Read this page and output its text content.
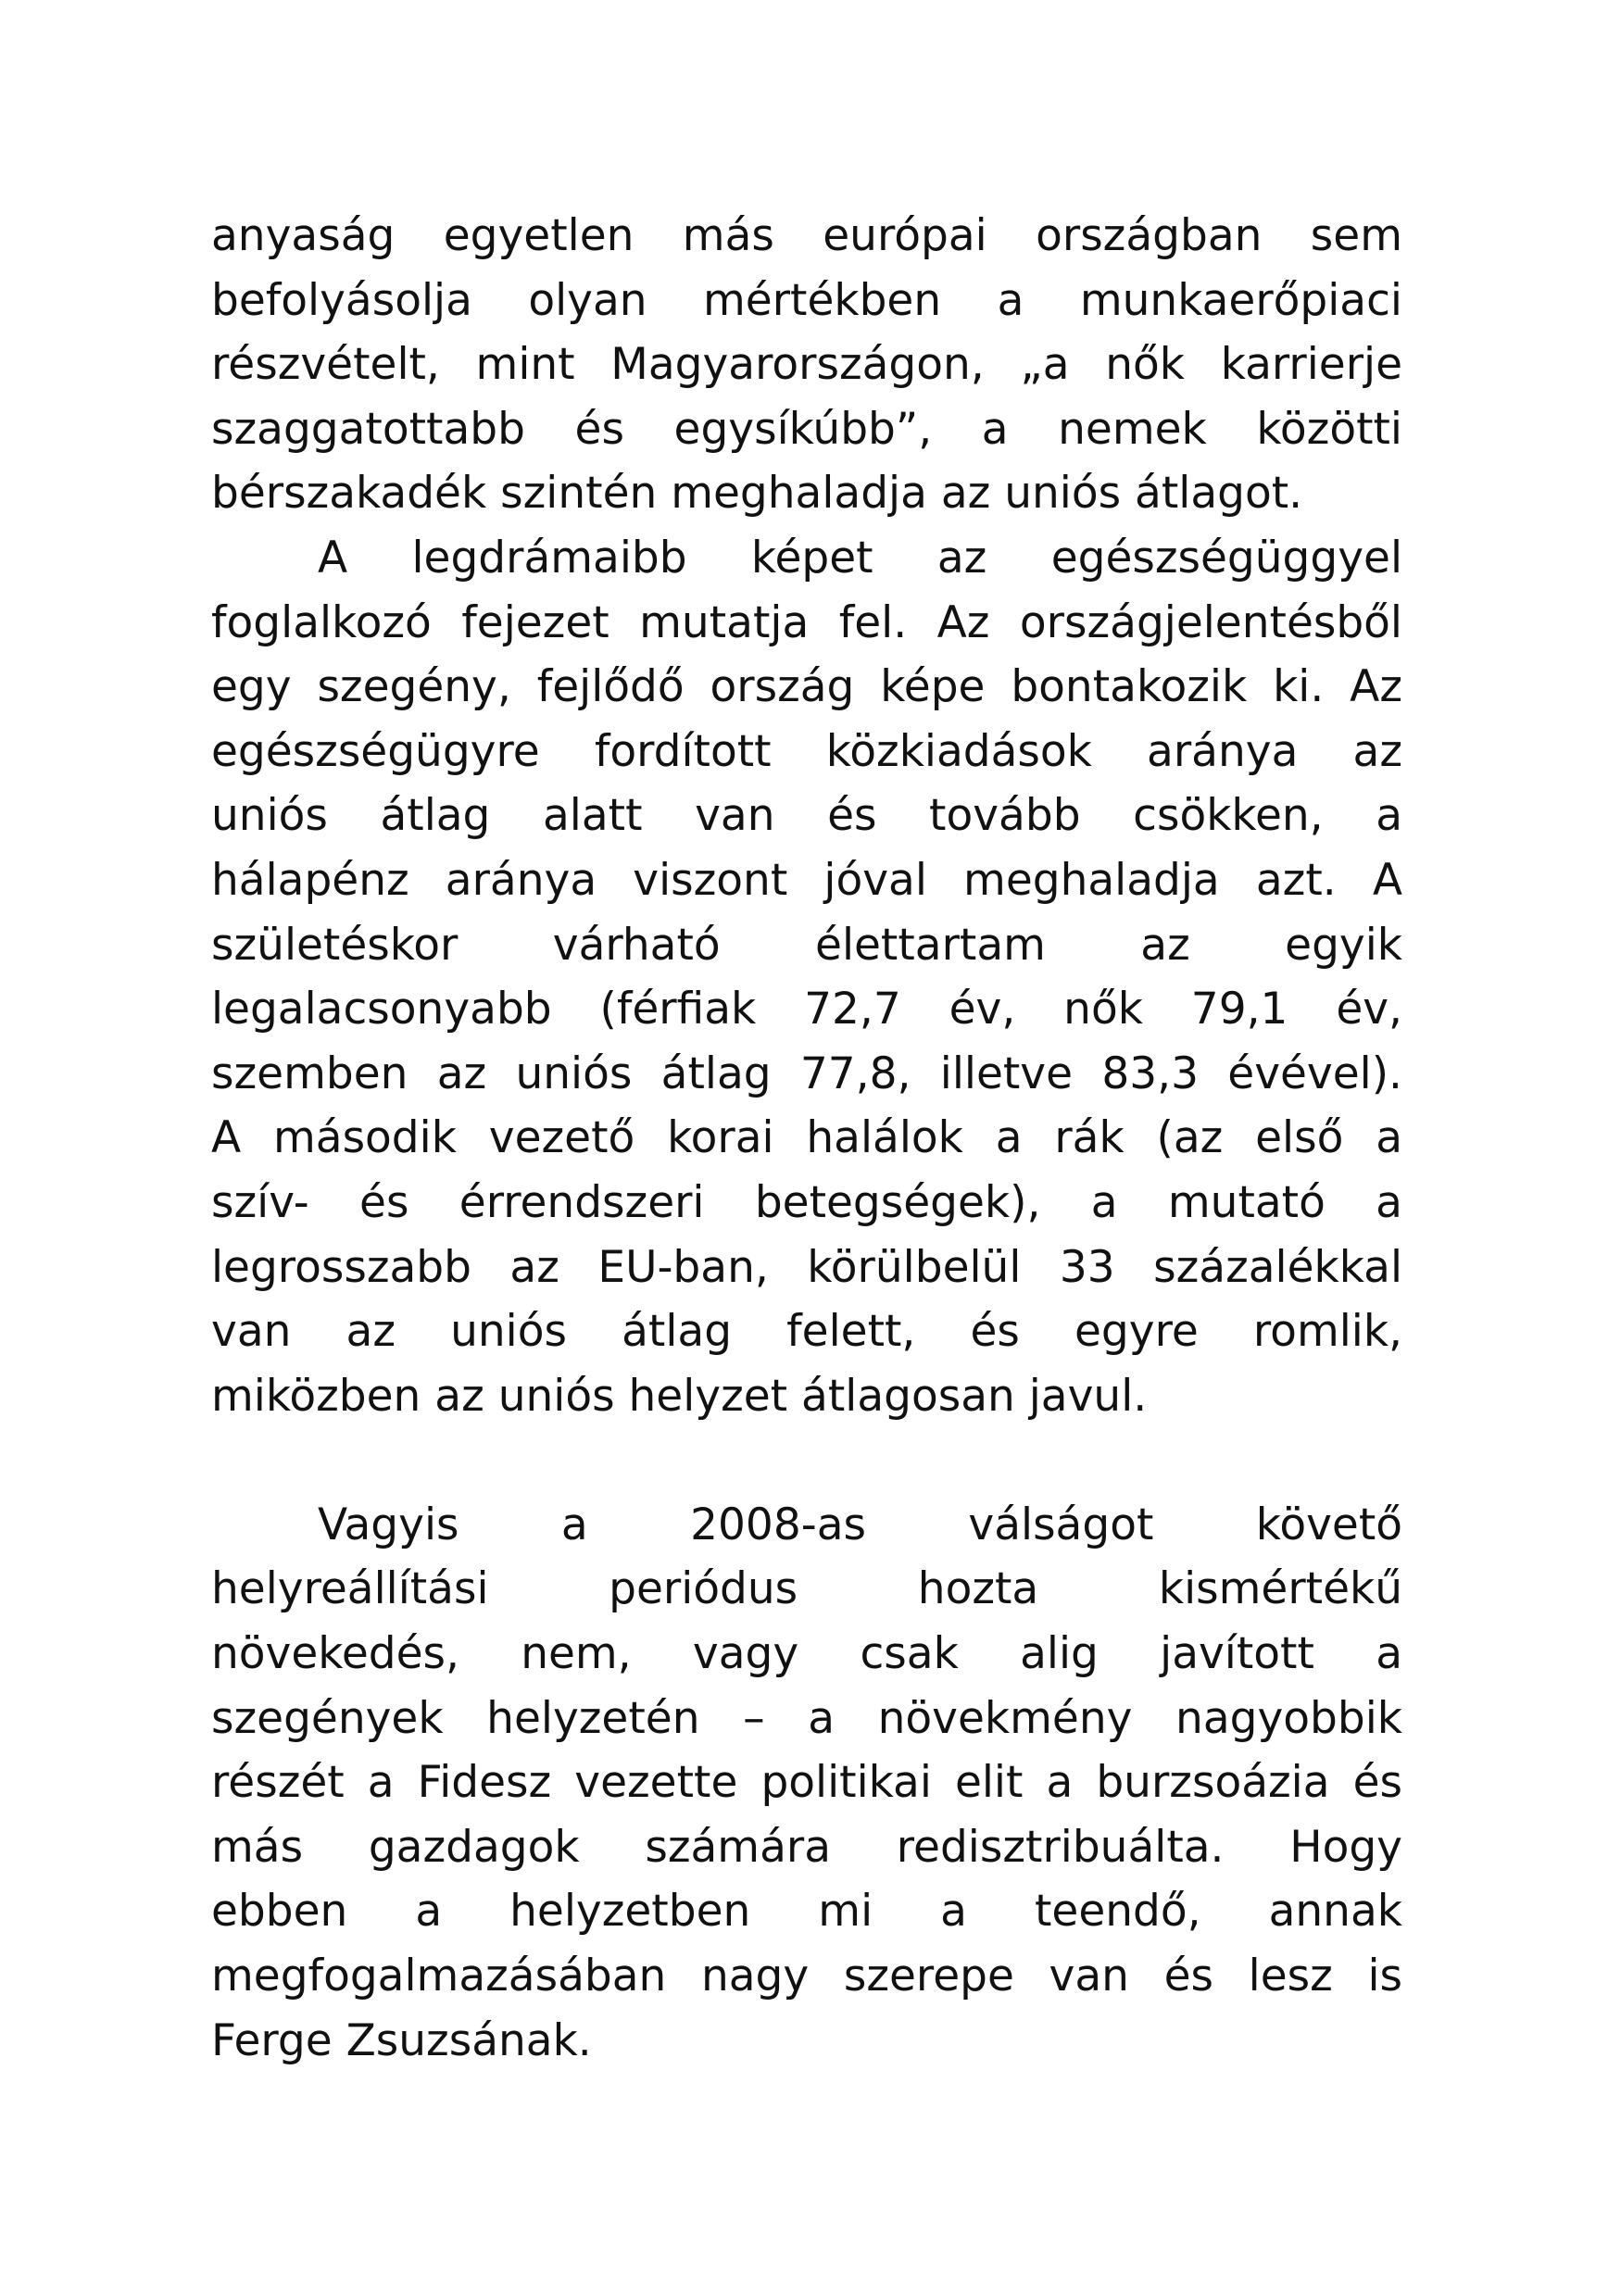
anyaság egyetlen más európai országban sem
befolyásolja olyan mértékben a munkaerőpiaci
részvételt, mint Magyarországon, „a nők karrierje
szaggatottabb és egysíkúbb”, a nemek közötti
bérszakadék szintén meghaladja az uniós átlagot.
A legdrámaibb képet az egészségüggyel
foglalkozó fejezet mutatja fel. Az országjelentésből
egy szegény, fejlődő ország képe bontakozik ki. Az
egészségügyre fordított közkiadások aránya az
uniós átlag alatt van és tovább csökken, a
hálapénz aránya viszont jóval meghaladja azt. A
születéskor várható élettartam az egyik
legalacsonyabb (férfiak 72,7 év, nők 79,1 év,
szemben az uniós átlag 77,8, illetve 83,3 évével).
A második vezető korai halálok a rák (az első a
szív- és érrendszeri betegségek), a mutató a
legrosszabb az EU-ban, körülbelül 33 százalékkal
van az uniós átlag felett, és egyre romlik,
miközben az uniós helyzet átlagosan javul.
Vagyis a 2008-as válságot követő
helyreállítási periódus hozta kismértékű
növekedés, nem, vagy csak alig javított a
szegények helyzetén – a növekmény nagyobbik
részét a Fidesz vezette politikai elit a burzsoázia és
más gazdagok számára redisztribuálta. Hogy
ebben a helyzetben mi a teendő, annak
megfogalmazásában nagy szerepe van és lesz is
Ferge Zsuzsának.
